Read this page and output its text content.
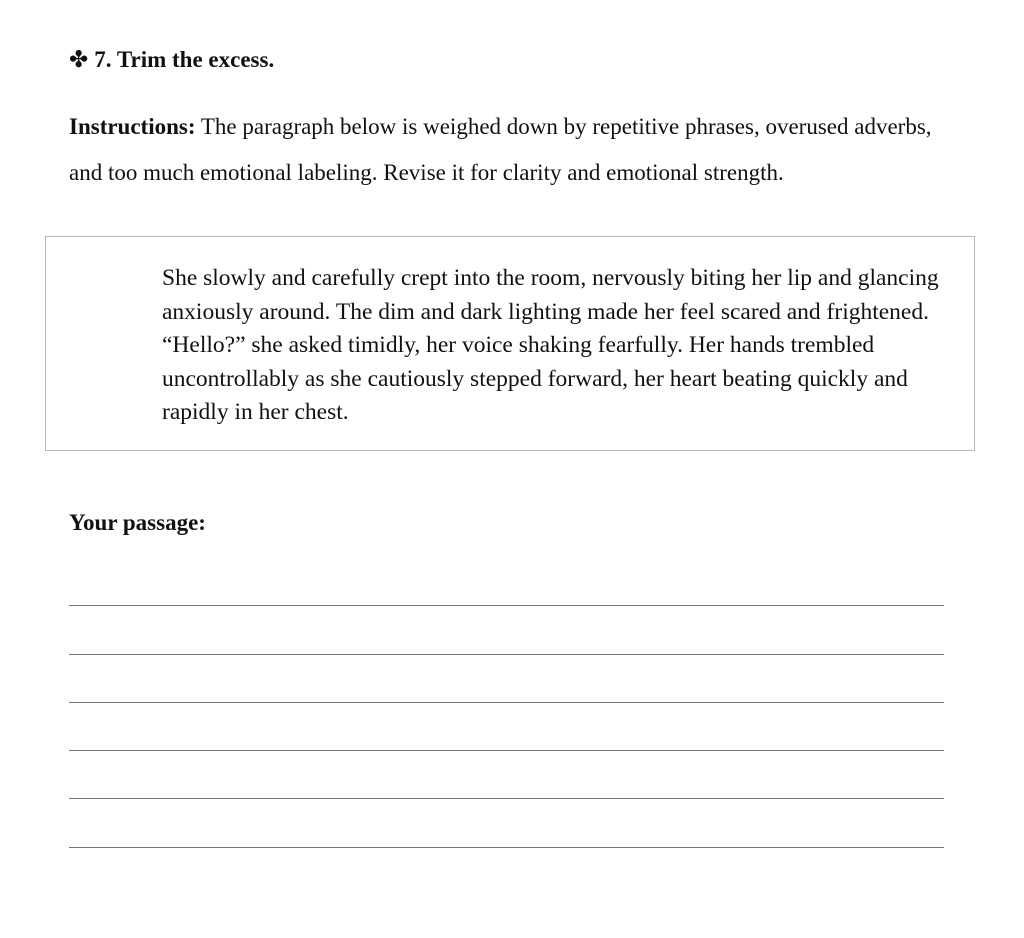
✤ 7. Trim the excess.
Instructions: The paragraph below is weighed down by repetitive phrases, overused adverbs, and too much emotional labeling. Revise it for clarity and emotional strength.
She slowly and carefully crept into the room, nervously biting her lip and glancing anxiously around. The dim and dark lighting made her feel scared and frightened. “Hello?” she asked timidly, her voice shaking fearfully. Her hands trembled uncontrollably as she cautiously stepped forward, her heart beating quickly and rapidly in her chest.
Your passage:
